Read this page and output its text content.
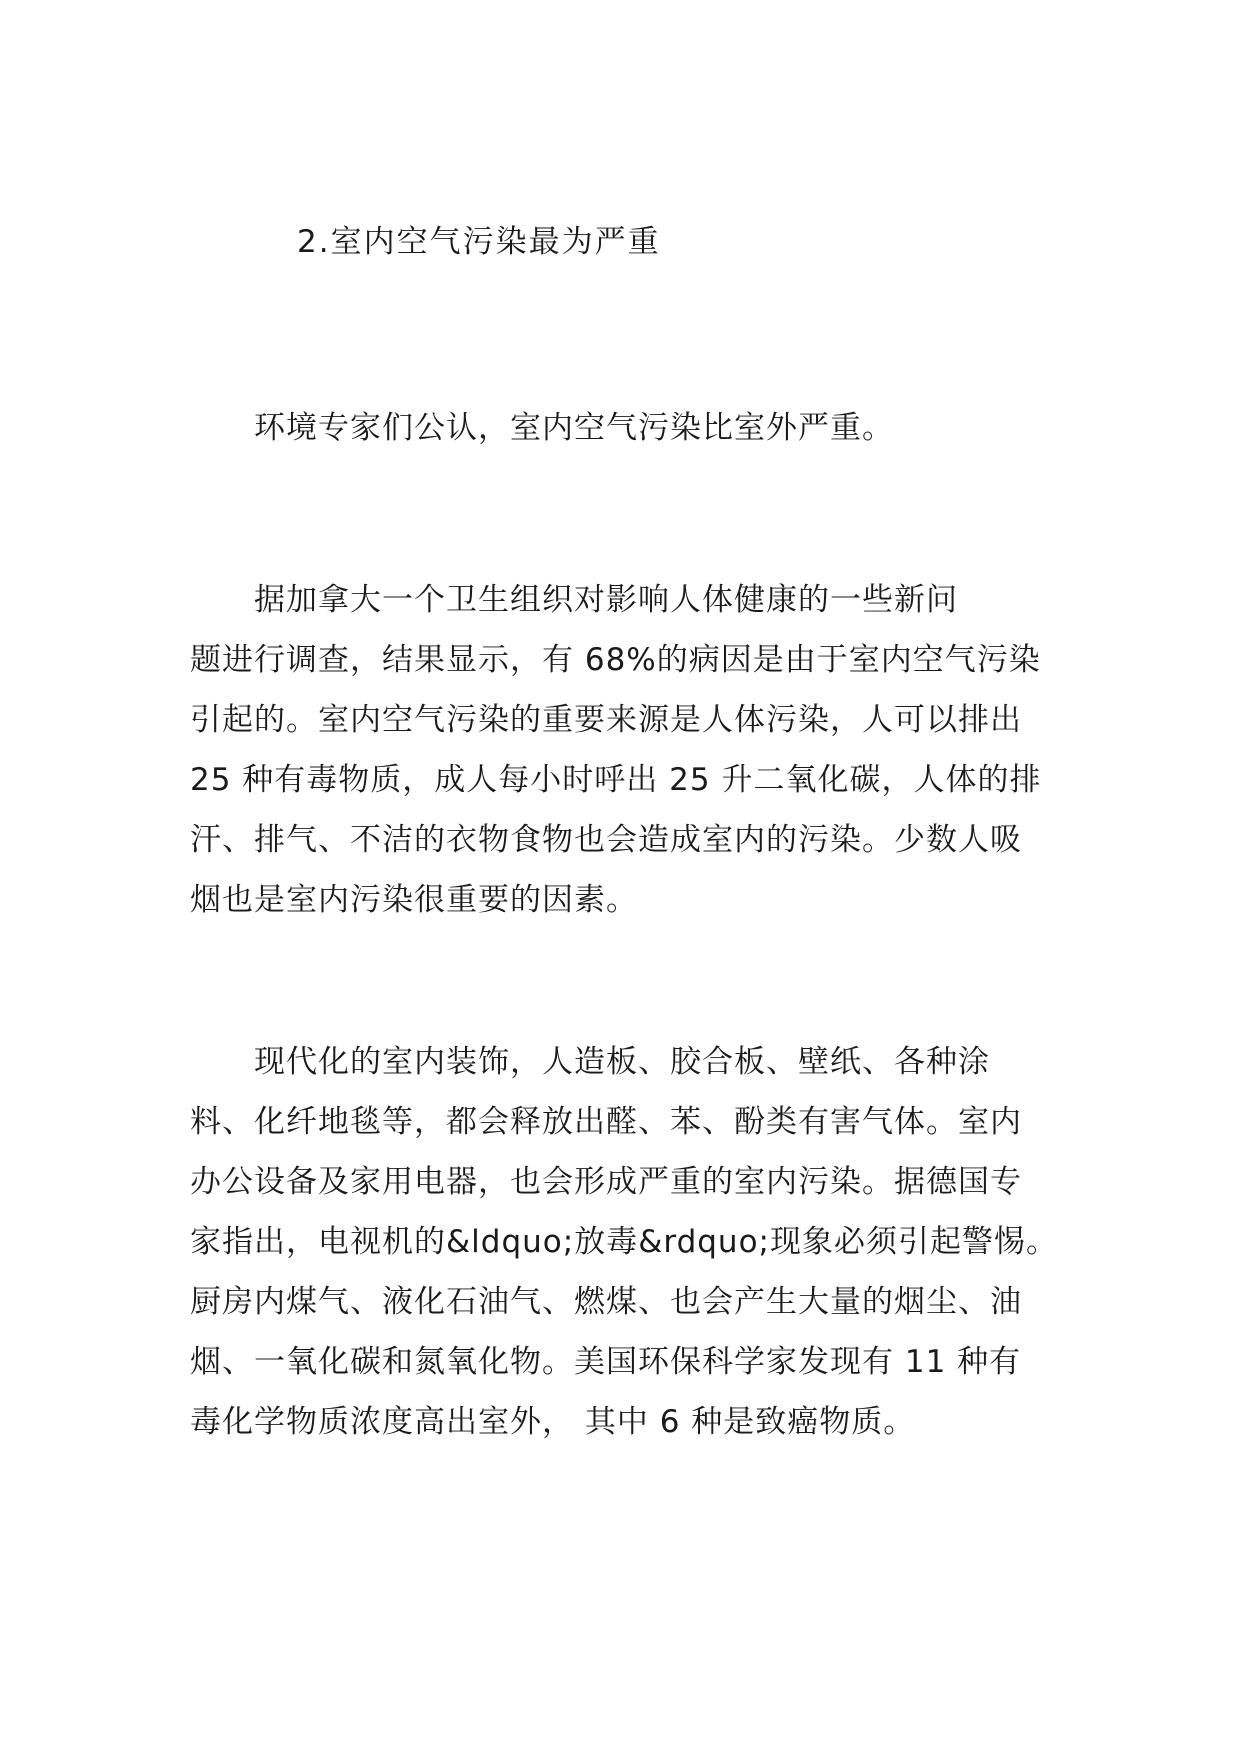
2.室内空气污染最为严重

　　环境专家们公认，室内空气污染比室外严重。

　　据加拿大一个卫生组织对影响人体健康的一些新问
题进行调查，结果显示，有 68%的病因是由于室内空气污染
引起的。室内空气污染的重要来源是人体污染，人可以排出
25 种有毒物质，成人每小时呼出 25 升二氧化碳，人体的排
汗、排气、不洁的衣物食物也会造成室内的污染。少数人吸
烟也是室内污染很重要的因素。

　　现代化的室内装饰，人造板、胶合板、壁纸、各种涂
料、化纤地毯等，都会释放出醛、苯、酚类有害气体。室内
办公设备及家用电器，也会形成严重的室内污染。据德国专
家指出，电视机的&ldquo;放毒&rdquo;现象必须引起警惕。
厨房内煤气、液化石油气、燃煤、也会产生大量的烟尘、油
烟、一氧化碳和氮氧化物。美国环保科学家发现有 11 种有
毒化学物质浓度高出室外， 其中 6 种是致癌物质。
